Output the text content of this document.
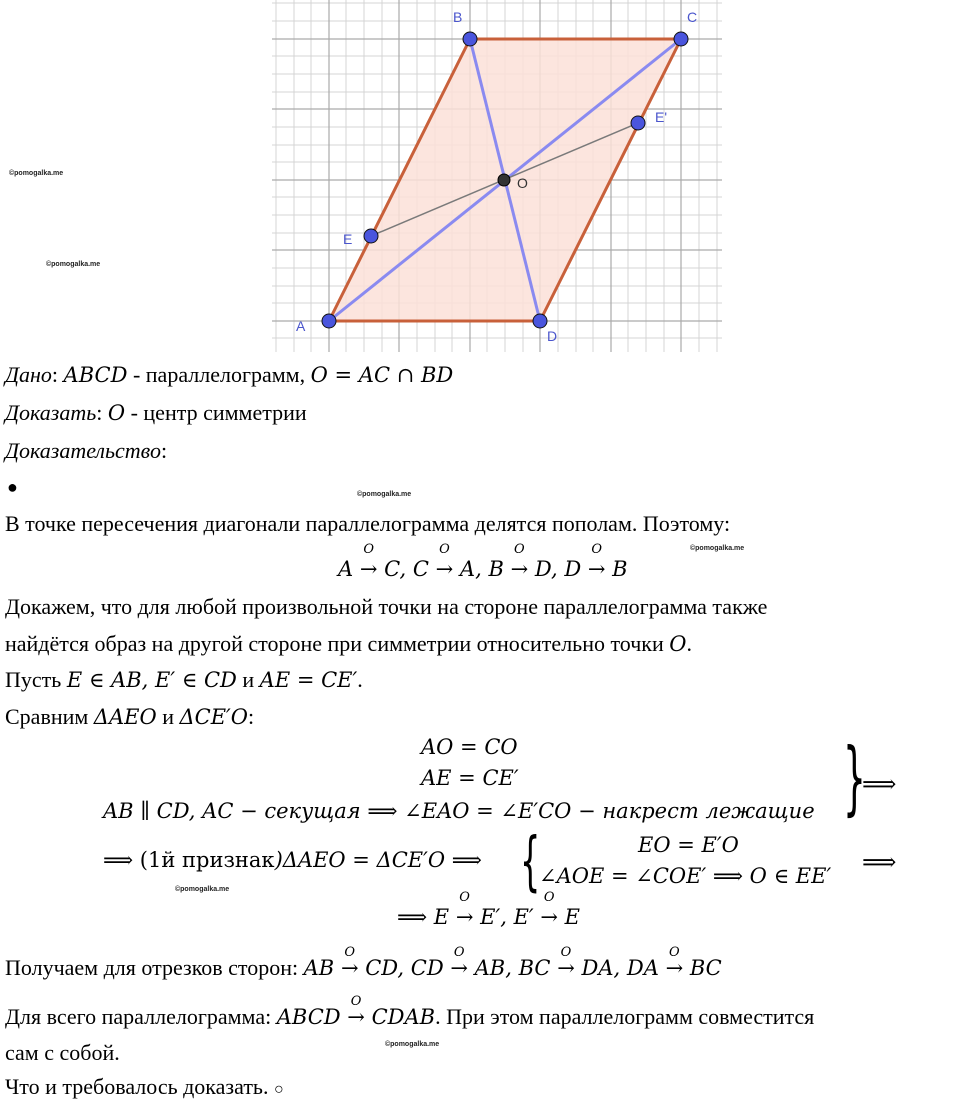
A
B	C
D
E
E'
O
©pomogalka.me
©pomogalka.me
©pomogalka.me
©pomogalka.me
©pomogalka.me
©pomogalka.me
Дано: ABCD - параллелограмм, O = AC ∩ BD
Доказать: O - центр симметрии
Доказательство:
●
В точке пересечения диагонали параллелограмма делятся пополам. Поэтому:
A
O
→ C, C
O
→ A, B
O
→ D, D
O
→ B
Докажем, что для любой произвольной точки на стороне параллелограмма также
найдётся образ на другой стороне при симметрии относительно точки O.
Пусть E ∈ AB, E′ ∈ CD и AE = CE′.
Сравним ΔAEO и ΔCE′O:
AO = CO
AE = CE′
AB ∥ CD, AC − секущая ⟹ ∠EAO = ∠E′CO − накрест лежащие }
⟹
⟹ (1й признак)ΔAEO = ΔCE′O ⟹ {	EO = E′O
∠AOE = ∠COE′ ⟹ O ∈ EE′ ⟹
⟹ E
O
→ E′, E′
O
→ E
Получаем для отрезков сторон: AB
O
→ CD, CD
O
→ AB, BC
O
→ DA, DA
O
→ BC
Для всего параллелограмма: ABCD
O
→ CDAB. При этом параллелограмм совместится
сам с собой.
Что и требовалось доказать. ○
